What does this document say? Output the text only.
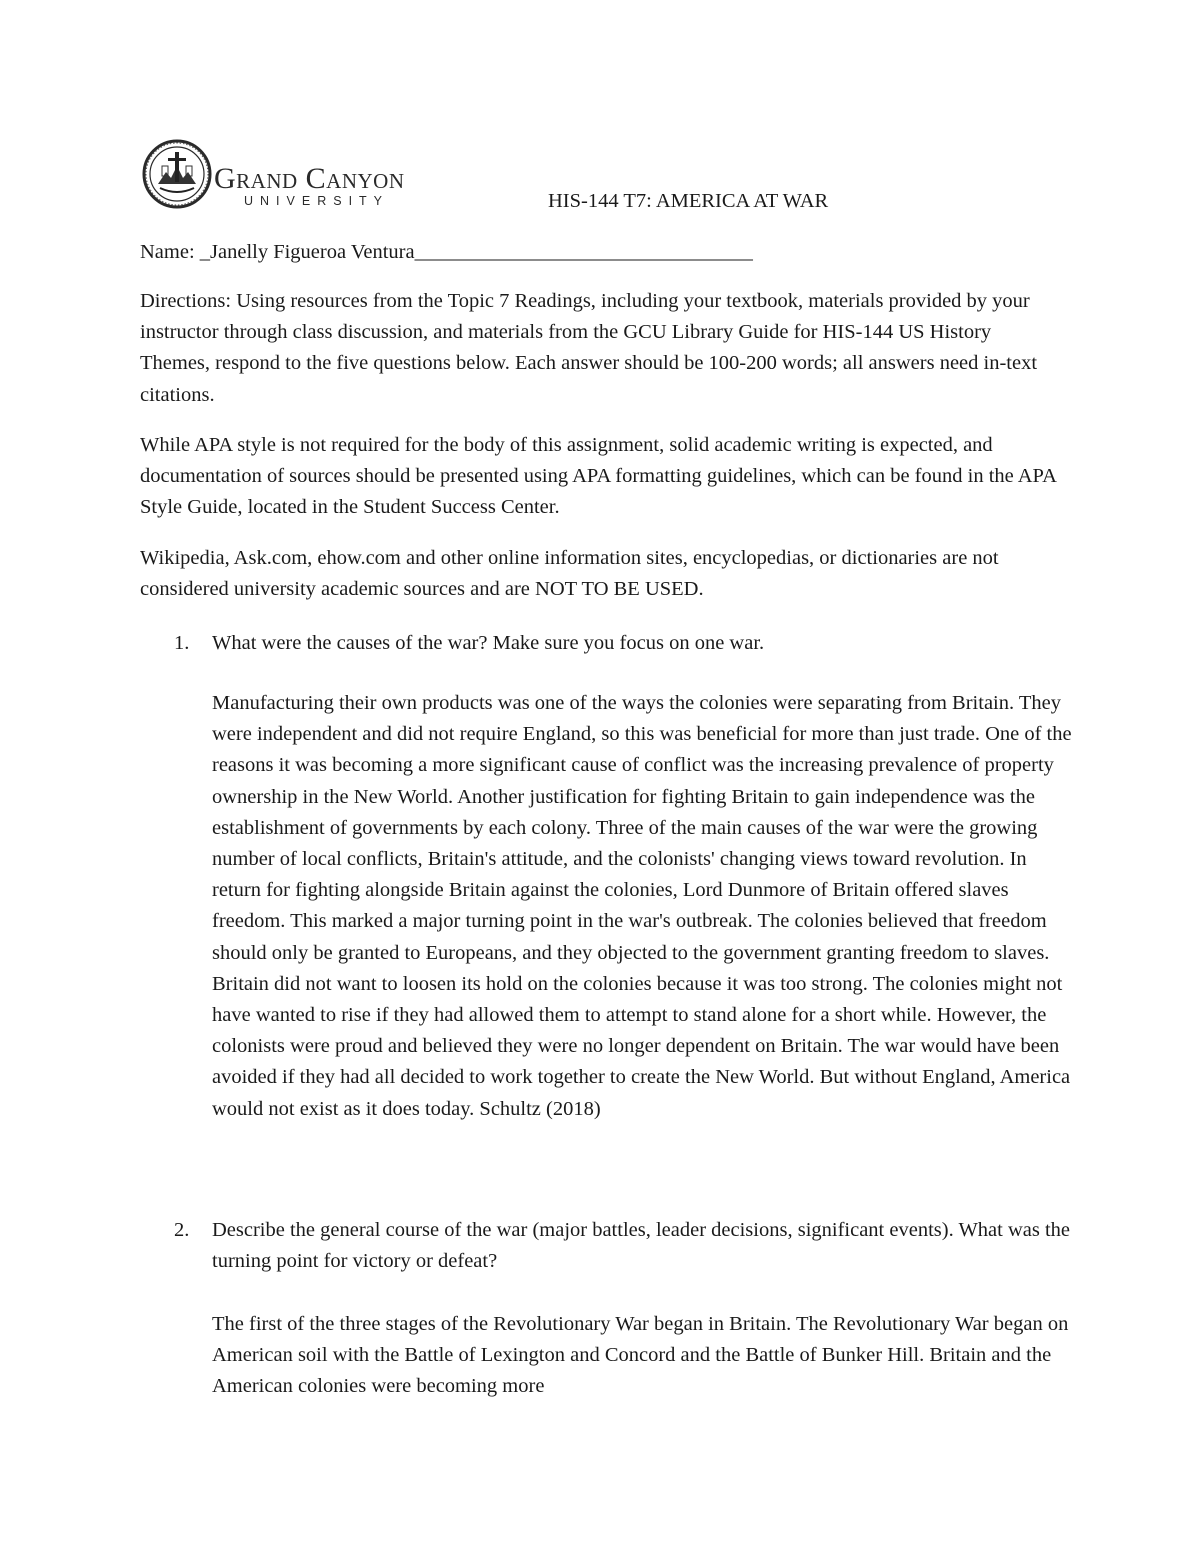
Grand Canyon
UNIVERSITY	HIS-144 T7: AMERICA AT WAR
Name: _Janelly Figueroa Ventura_________________________________

Directions: Using resources from the Topic 7 Readings, including your textbook, materials provided by your instructor through class discussion, and materials from the GCU Library Guide for HIS-144 US History Themes, respond to the five questions below. Each answer should be 100-200 words; all answers need in-text citations.

While APA style is not required for the body of this assignment, solid academic writing is expected, and documentation of sources should be presented using APA formatting guidelines, which can be found in the APA Style Guide, located in the Student Success Center.

Wikipedia, Ask.com, ehow.com and other online information sites, encyclopedias, or dictionaries are not considered university academic sources and are NOT TO BE USED.

1. What were the causes of the war? Make sure you focus on one war.

Manufacturing their own products was one of the ways the colonies were separating from Britain. They were independent and did not require England, so this was beneficial for more than just trade. One of the reasons it was becoming a more significant cause of conflict was the increasing prevalence of property ownership in the New World. Another justification for fighting Britain to gain independence was the establishment of governments by each colony. Three of the main causes of the war were the growing number of local conflicts, Britain's attitude, and the colonists' changing views toward revolution. In return for fighting alongside Britain against the colonies, Lord Dunmore of Britain offered slaves freedom. This marked a major turning point in the war's outbreak. The colonies believed that freedom should only be granted to Europeans, and they objected to the government granting freedom to slaves. Britain did not want to loosen its hold on the colonies because it was too strong. The colonies might not have wanted to rise if they had allowed them to attempt to stand alone for a short while. However, the colonists were proud and believed they were no longer dependent on Britain. The war would have been avoided if they had all decided to work together to create the New World. But without England, America would not exist as it does today. Schultz (2018)

2. Describe the general course of the war (major battles, leader decisions, significant events). What was the turning point for victory or defeat?

The first of the three stages of the Revolutionary War began in Britain. The Revolutionary War began on American soil with the Battle of Lexington and Concord and the Battle of Bunker Hill. Britain and the American colonies were becoming more
